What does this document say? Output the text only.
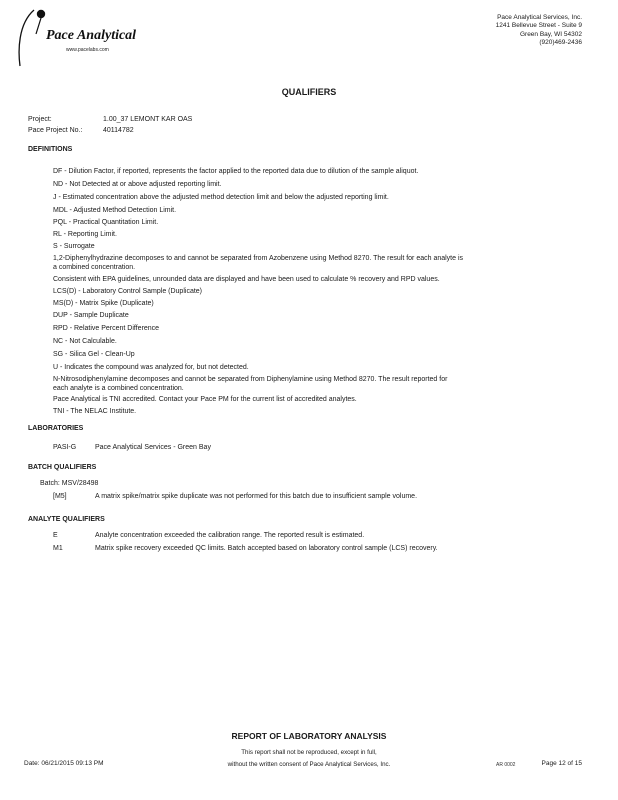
Pace Analytical
www.pacelabs.com
Pace Analytical Services, Inc.
1241 Bellevue Street - Suite 9
Green Bay, WI 54302
(920)469-2436
QUALIFIERS
Project:	1.00_37 LEMONT KAR OAS
Pace Project No.:	40114782
DEFINITIONS
DF - Dilution Factor, if reported, represents the factor applied to the reported data due to dilution of the sample aliquot.
ND - Not Detected at or above adjusted reporting limit.
J - Estimated concentration above the adjusted method detection limit and below the adjusted reporting limit.
MDL - Adjusted Method Detection Limit.
PQL - Practical Quantitation Limit.
RL - Reporting Limit.
S - Surrogate
1,2-Diphenylhydrazine decomposes to and cannot be separated from Azobenzene using Method 8270. The result for each analyte is
a combined concentration.
Consistent with EPA guidelines, unrounded data are displayed and have been used to calculate % recovery and RPD values.
LCS(D) - Laboratory Control Sample (Duplicate)
MS(D) - Matrix Spike (Duplicate)
DUP - Sample Duplicate
RPD - Relative Percent Difference
NC - Not Calculable.
SG - Silica Gel - Clean-Up
U - Indicates the compound was analyzed for, but not detected.
N-Nitrosodiphenylamine decomposes and cannot be separated from Diphenylamine using Method 8270. The result reported for
each analyte is a combined concentration.
Pace Analytical is TNI accredited. Contact your Pace PM for the current list of accredited analytes.
TNI - The NELAC Institute.
LABORATORIES
PASI-G	Pace Analytical Services - Green Bay
BATCH QUALIFIERS
Batch: MSV/28498
[M5]	A matrix spike/matrix spike duplicate was not performed for this batch due to insufficient sample volume.
ANALYTE QUALIFIERS
E	Analyte concentration exceeded the calibration range. The reported result is estimated.
M1	Matrix spike recovery exceeded QC limits. Batch accepted based on laboratory control sample (LCS) recovery.
REPORT OF LABORATORY ANALYSIS
This report shall not be reproduced, except in full,
without the written consent of Pace Analytical Services, Inc.
Date: 06/21/2015 09:13 PM	AR 0002	Page 12 of 15
